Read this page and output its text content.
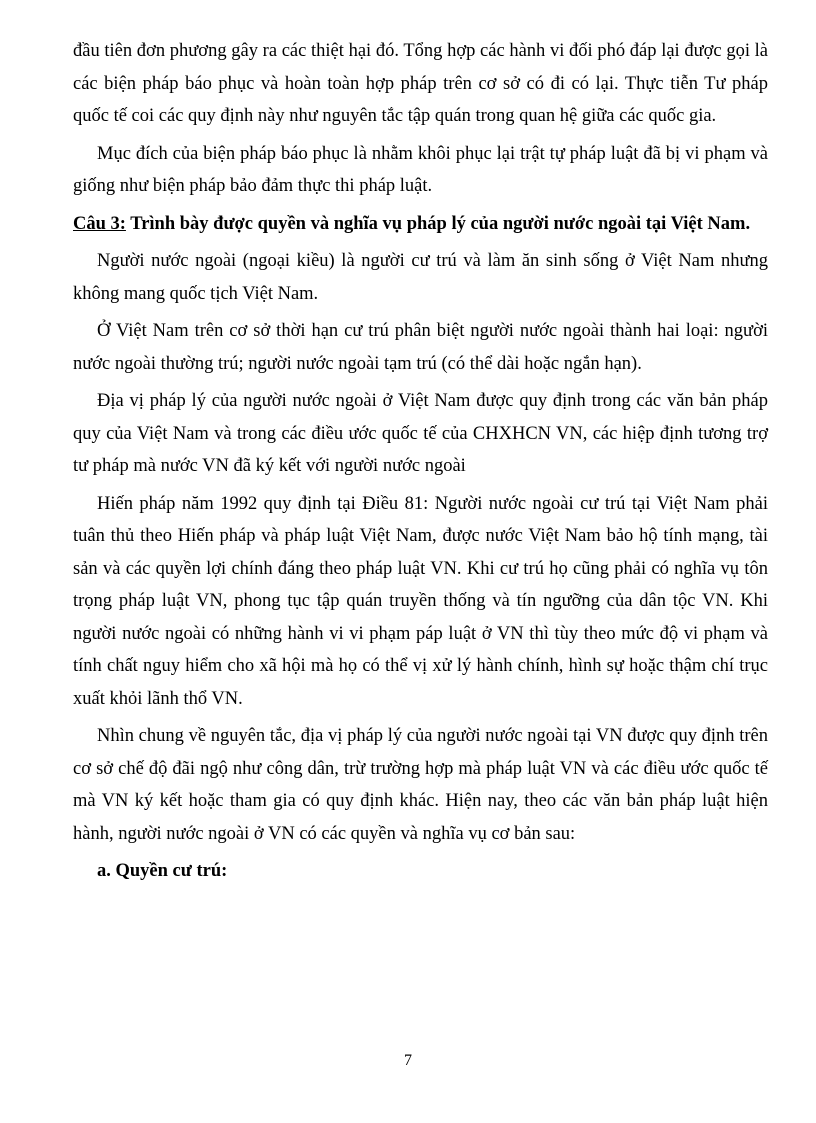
đầu tiên đơn phương gây ra các thiệt hại đó. Tổng hợp các hành vi đối phó đáp lại được gọi là các biện pháp báo phục và hoàn toàn hợp pháp trên cơ sở có đi có lại. Thực tiễn Tư pháp quốc tế coi các quy định này như nguyên tắc tập quán trong quan hệ giữa các quốc gia.

Mục đích của biện pháp báo phục là nhằm khôi phục lại trật tự pháp luật đã bị vi phạm và giống như biện pháp bảo đảm thực thi pháp luật.

Câu 3: Trình bày được quyền và nghĩa vụ pháp lý của người nước ngoài tại Việt Nam.

Người nước ngoài (ngoại kiều) là người cư trú và làm ăn sinh sống ở Việt Nam nhưng không mang quốc tịch Việt Nam.

Ở Việt Nam trên cơ sở thời hạn cư trú phân biệt người nước ngoài thành hai loại: người nước ngoài thường trú; người nước ngoài tạm trú (có thể dài hoặc ngắn hạn).

Địa vị pháp lý của người nước ngoài ở Việt Nam được quy định trong các văn bản pháp quy của Việt Nam và trong các điều ước quốc tế của CHXHCN VN, các hiệp định tương trợ tư pháp mà nước VN đã ký kết với người nước ngoài

Hiến pháp năm 1992 quy định tại Điều 81: Người nước ngoài cư trú tại Việt Nam phải tuân thủ theo Hiến pháp và pháp luật Việt Nam, được nước Việt Nam bảo hộ tính mạng, tài sản và các quyền lợi chính đáng theo pháp luật VN. Khi cư trú họ cũng phải có nghĩa vụ tôn trọng pháp luật VN, phong tục tập quán truyền thống và tín ngưỡng của dân tộc VN. Khi người nước ngoài có những hành vi vi phạm páp luật ở VN thì tùy theo mức độ vi phạm và tính chất nguy hiểm cho xã hội mà họ có thể vị xử lý hành chính, hình sự hoặc thậm chí trục xuất khỏi lãnh thổ VN.

Nhìn chung về nguyên tắc, địa vị pháp lý của người nước ngoài tại VN được quy định trên cơ sở chế độ đãi ngộ như công dân, trừ trường hợp mà pháp luật VN và các điều ước quốc tế mà VN ký kết hoặc tham gia có quy định khác. Hiện nay, theo các văn bản pháp luật hiện hành, người nước ngoài ở VN có các quyền và nghĩa vụ cơ bản sau:

a. Quyền cư trú:
7
